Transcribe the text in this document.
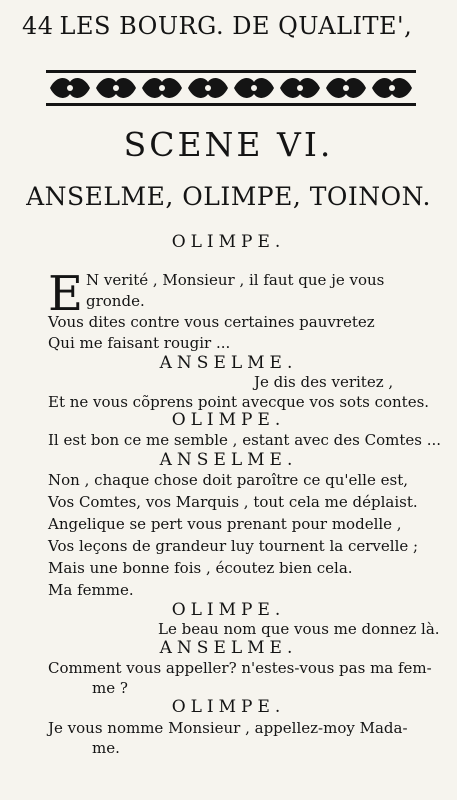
44 LES BOURG. DE QUALITE',
SCENE VI.
ANSELME, OLIMPE, TOINON.
OLIMPE.
E N verité , Monsieur , il faut que je vous
gronde.
Vous dites contre vous certaines pauvretez
Qui me faisant rougir ...
ANSELME.
Je dis des veritez ,
Et ne vous cõprens point avecque vos sots contes.
OLIMPE.
Il est bon ce me semble , estant avec des Comtes ...
ANSELME.
Non , chaque chose doit paroître ce qu'elle est,
Vos Comtes, vos Marquis , tout cela me déplaist.
Angelique se pert vous prenant pour modelle ,
Vos leçons de grandeur luy tournent la cervelle ;
Mais une bonne fois , écoutez bien cela.
Ma femme.
OLIMPE.
Le beau nom que vous me donnez là.
ANSELME.
Comment vous appeller? n'estes-vous pas ma fem-
me ?
OLIMPE.
Je vous nomme Monsieur , appellez-moy Mada-
me.
